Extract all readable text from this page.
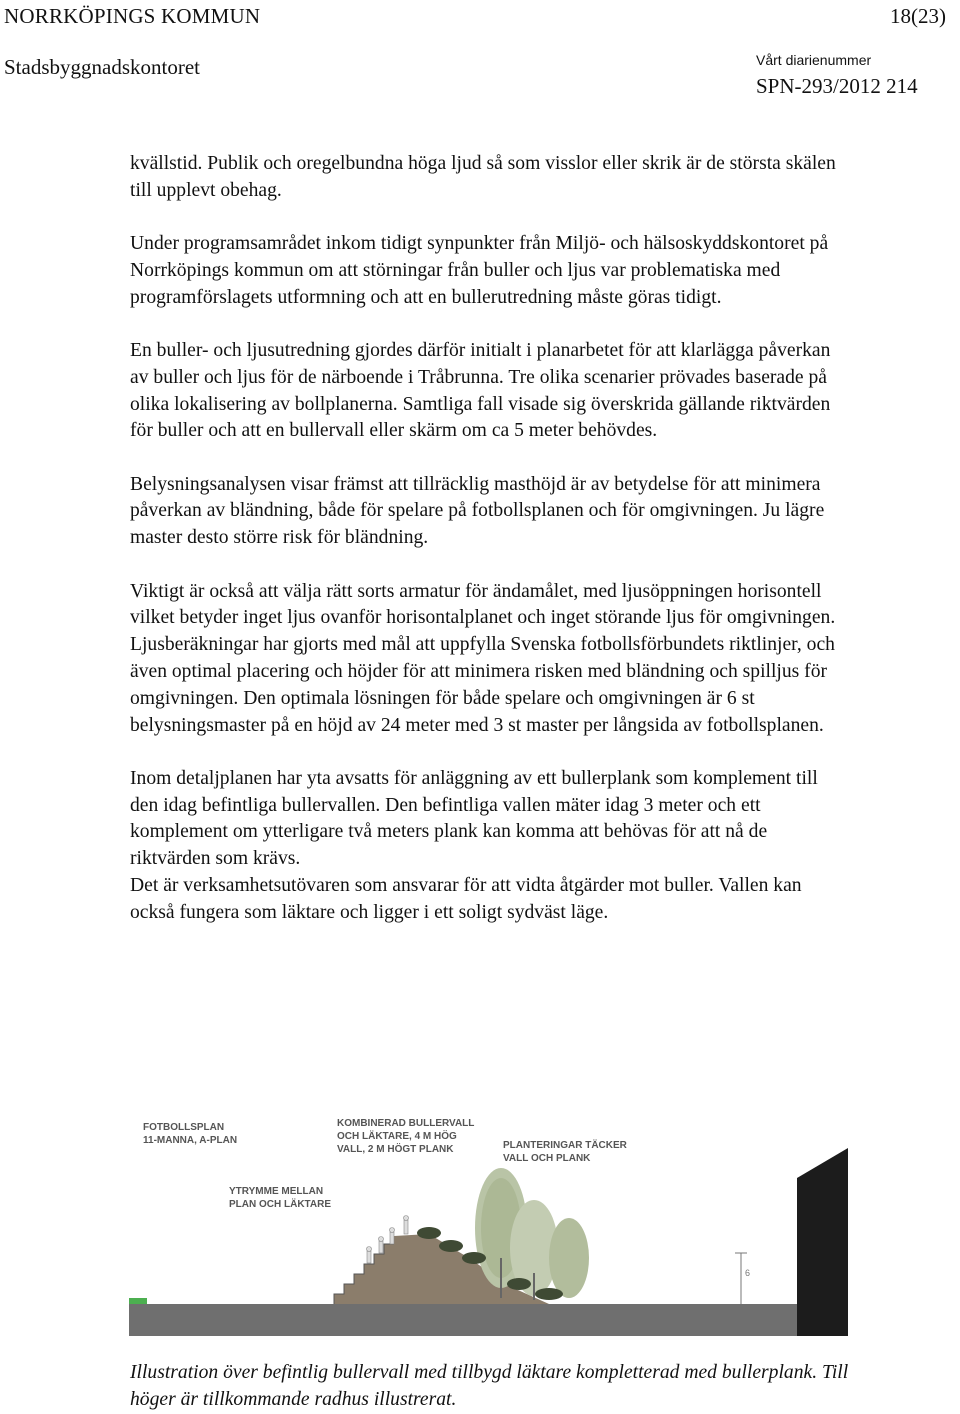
NORRKÖPINGS KOMMUN	18(23)
Stadsbyggnadskontoret	Vårt diarienummer
SPN-293/2012 214

kvällstid. Publik och oregelbundna höga ljud så som visslor eller skrik är de största skälen till upplevt obehag.

Under programsamrådet inkom tidigt synpunkter från Miljö- och hälsoskyddskontoret på Norrköpings kommun om att störningar från buller och ljus var problematiska med programförslagets utformning och att en bullerutredning måste göras tidigt.

En buller- och ljusutredning gjordes därför initialt i planarbetet för att klarlägga påverkan av buller och ljus för de närboende i Tråbrunna. Tre olika scenarier prövades baserade på olika lokalisering av bollplanerna. Samtliga fall visade sig överskrida gällande riktvärden för buller och att en bullervall eller skärm om ca 5 meter behövdes.

Belysningsanalysen visar främst att tillräcklig masthöjd är av betydelse för att minimera påverkan av bländning, både för spelare på fotbollsplanen och för omgivningen. Ju lägre master desto större risk för bländning.

Viktigt är också att välja rätt sorts armatur för ändamålet, med ljusöppningen horisontell vilket betyder inget ljus ovanför horisontalplanet och inget störande ljus för omgivningen. Ljusberäkningar har gjorts med mål att uppfylla Svenska fotbollsförbundets riktlinjer, och även optimal placering och höjder för att minimera risken med bländning och spilljus för omgivningen. Den optimala lösningen för både spelare och omgivningen är 6 st belysningsmaster på en höjd av 24 meter med 3 st master per långsida av fotbollsplanen.

Inom detaljplanen har yta avsatts för anläggning av ett bullerplank som komplement till den idag befintliga bullervallen. Den befintliga vallen mäter idag 3 meter och ett komplement om ytterligare två meters plank kan komma att behövas för att nå de riktvärden som krävs.

Det är verksamhetsutövaren som ansvarar för att vidta åtgärder mot buller. Vallen kan också fungera som läktare och ligger i ett soligt sydväst läge.

6
FOTBOLLSPLAN 11-MANNA, A-PLAN
KOMBINERAD BULLERVALL OCH LÄKTARE, 4 M HÖG VALL, 2 M HÖGT PLANK	PLANTERINGAR TÄCKER VALL OCH PLANK
YTRYMME MELLAN PLAN OCH LÄKTARE
Illustration över befintlig bullervall med tillbygd läktare kompletterad med bullerplank. Till höger är tillkommande radhus illustrerat.
